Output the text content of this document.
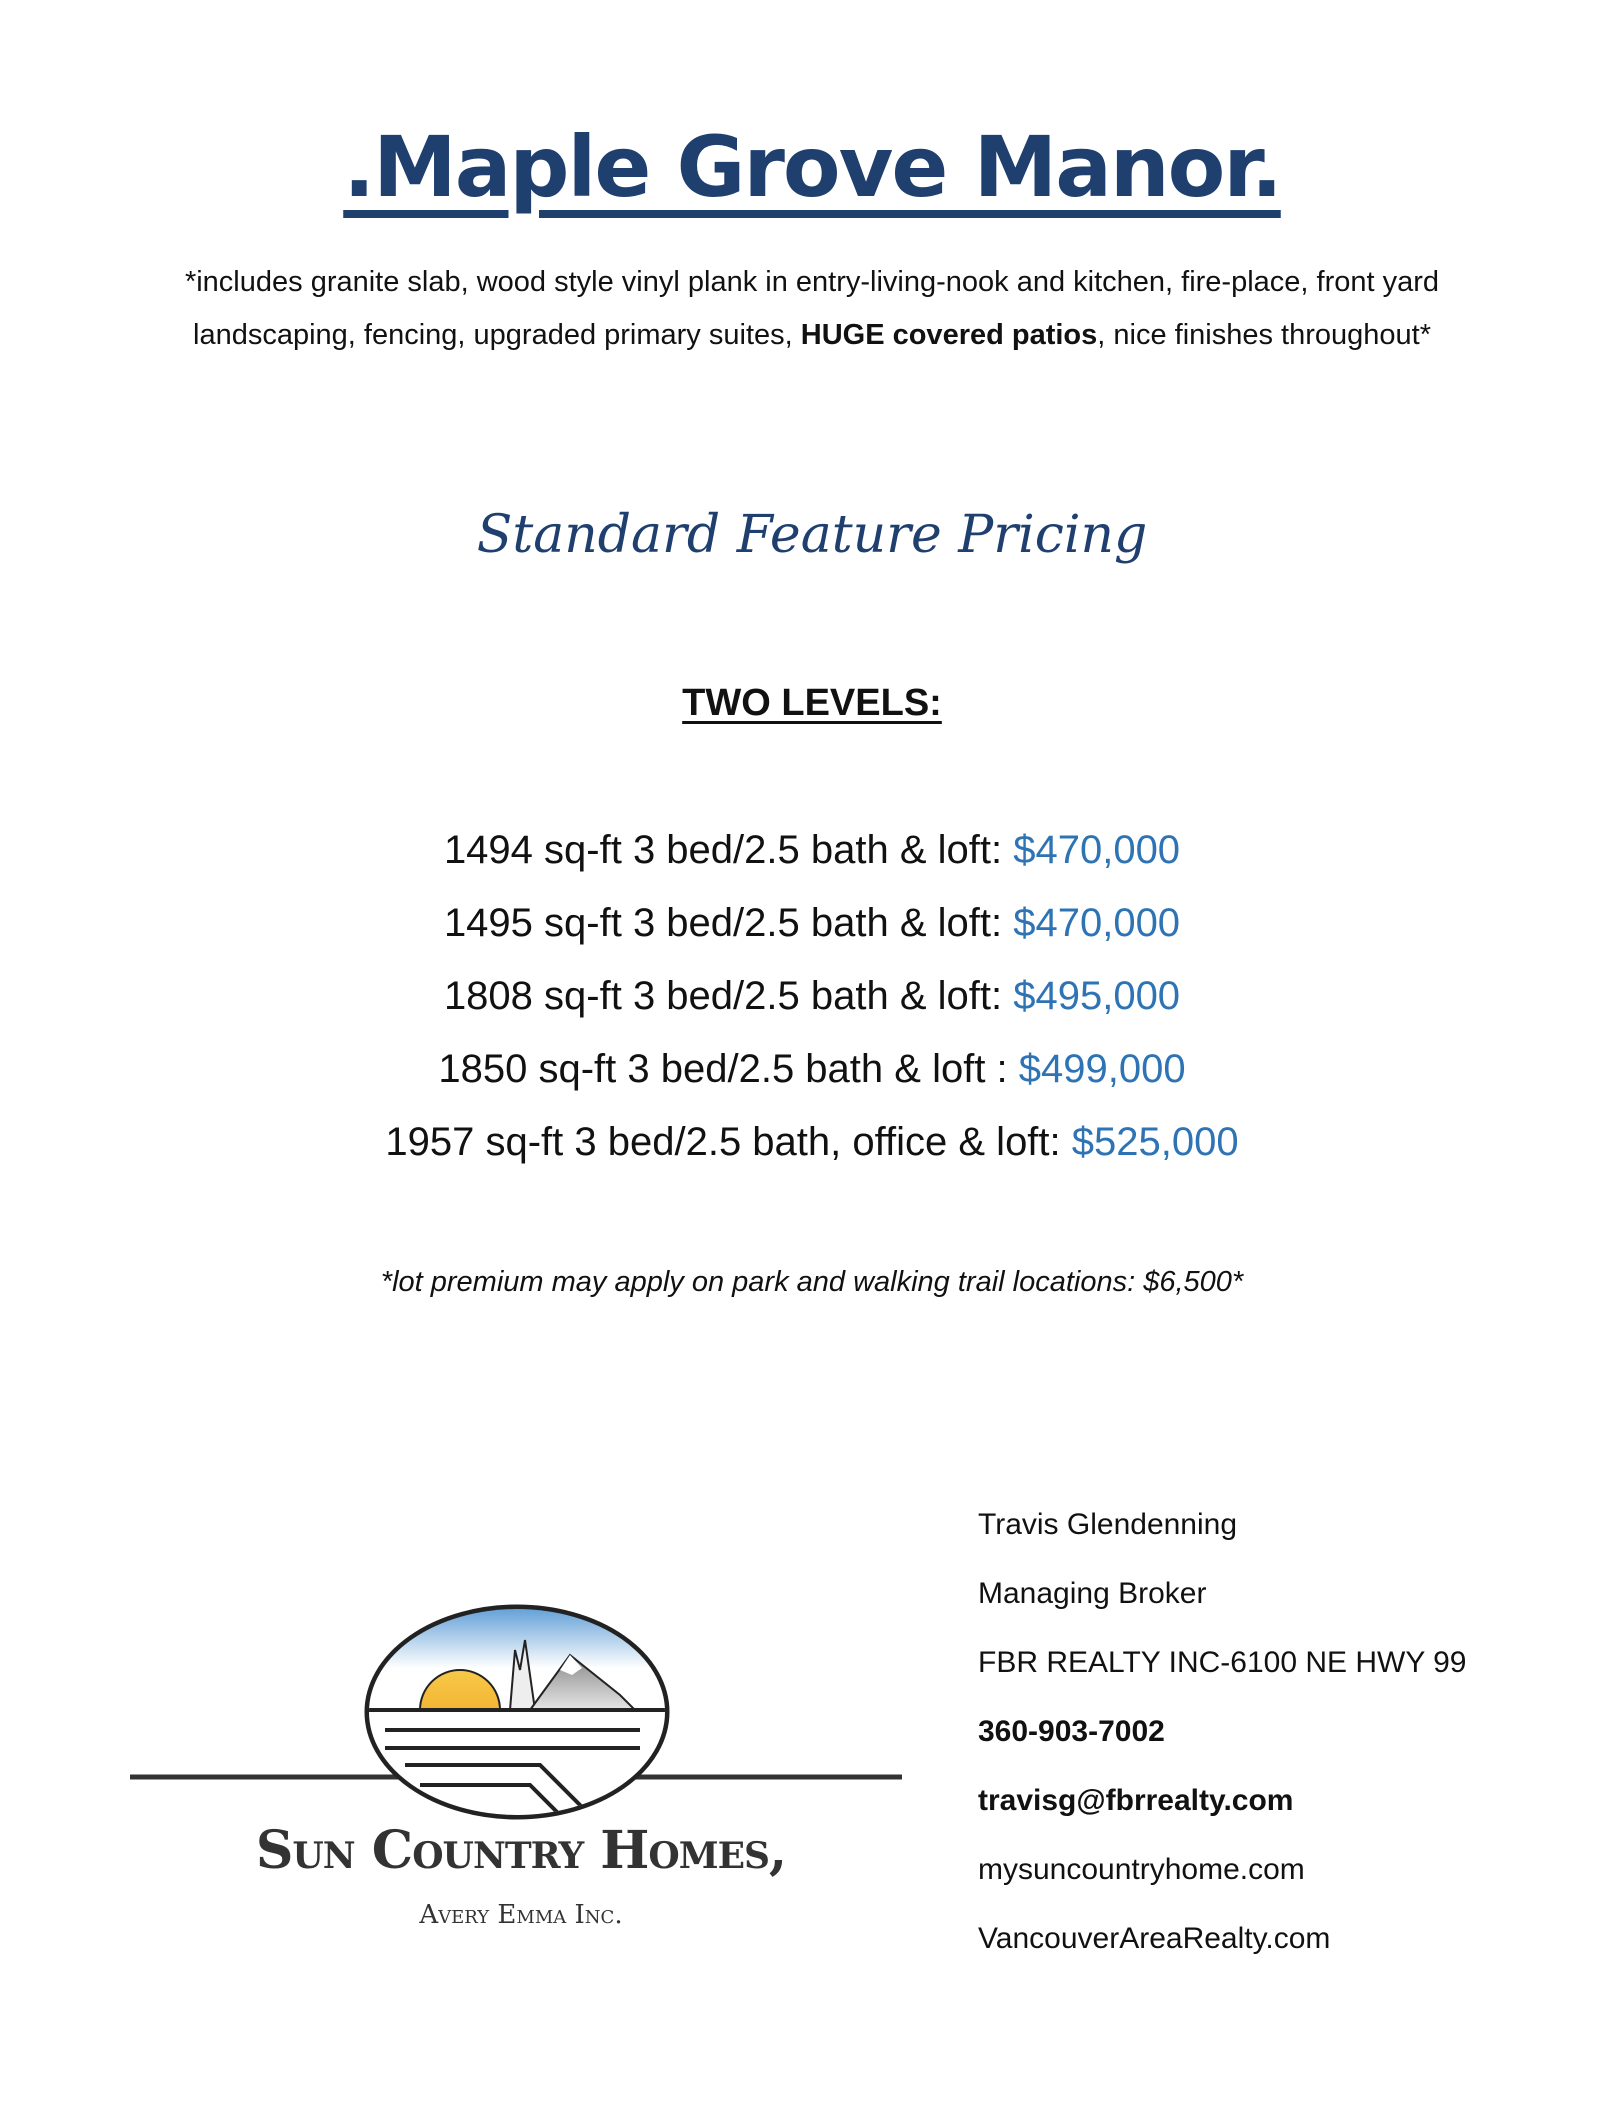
.Maple Grove Manor.
*includes granite slab, wood style vinyl plank in entry-living-nook and kitchen, fire-place, front yard landscaping, fencing, upgraded primary suites, HUGE covered patios, nice finishes throughout*
Standard Feature Pricing
TWO LEVELS:
1494 sq-ft 3 bed/2.5 bath & loft: $470,000
1495 sq-ft 3 bed/2.5 bath & loft: $470,000
1808 sq-ft 3 bed/2.5 bath & loft: $495,000
1850 sq-ft 3 bed/2.5 bath & loft : $499,000
1957 sq-ft 3 bed/2.5 bath, office & loft: $525,000
*lot premium may apply on park and walking trail locations: $6,500*
Sun Country Homes,
Avery Emma Inc.
Travis Glendenning
Managing Broker
FBR REALTY INC-6100 NE HWY 99
360-903-7002
travisg@fbrrealty.com
mysuncountryhome.com
VancouverAreaRealty.com
